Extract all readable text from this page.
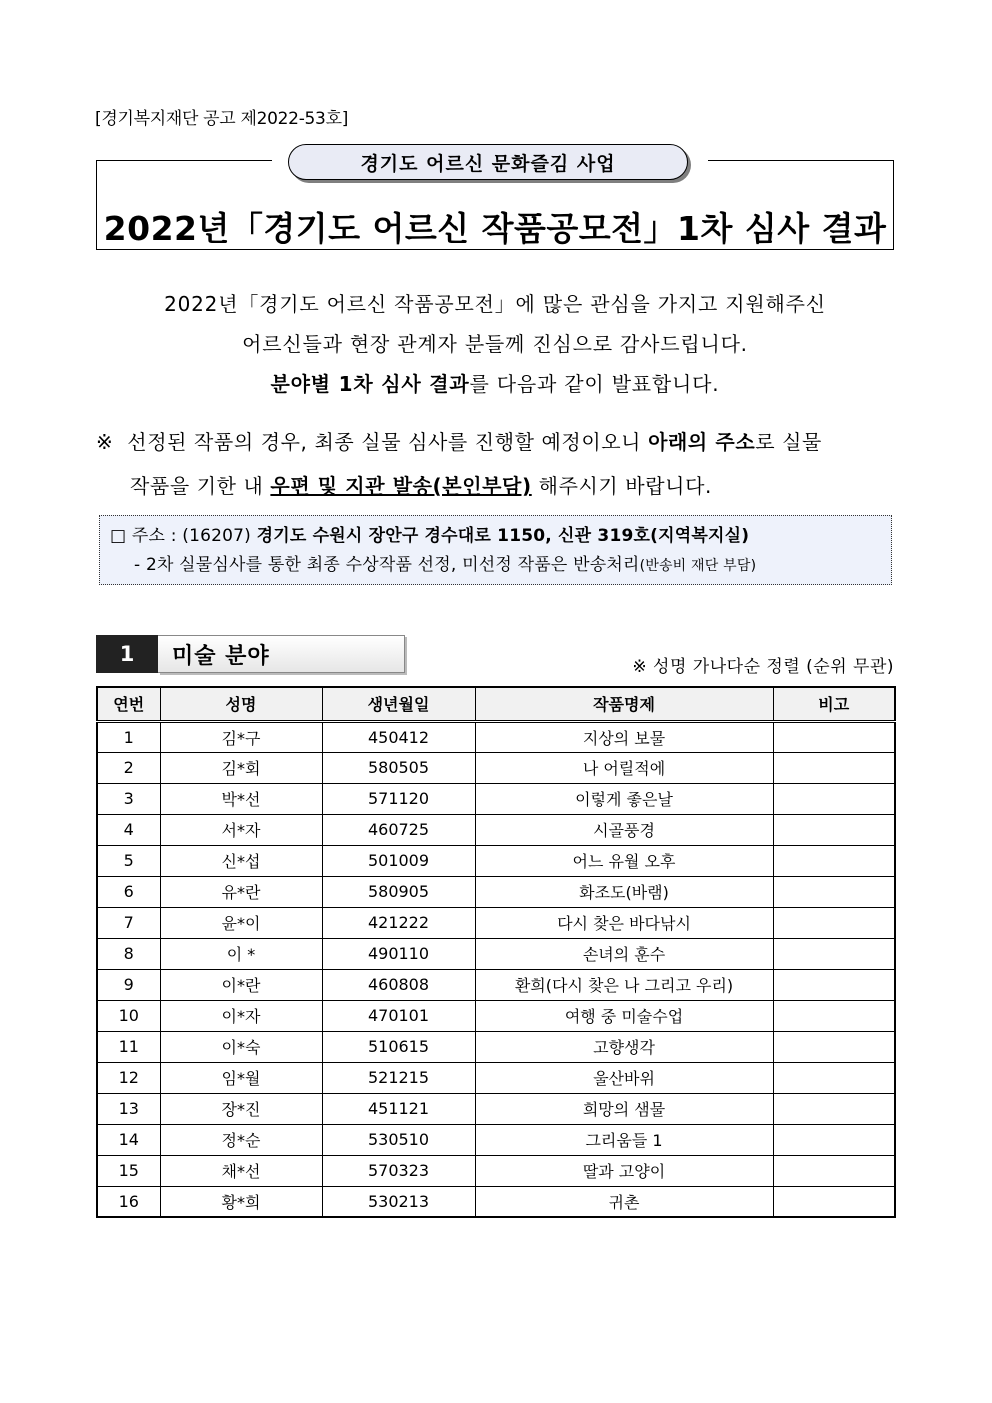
[경기복지재단 공고 제2022-53호]
2022년「경기도 어르신 작품공모전」1차 심사 결과
경기도 어르신 문화즐김 사업
2022년「경기도 어르신 작품공모전」에 많은 관심을 가지고 지원해주신
어르신들과 현장 관계자 분들께 진심으로 감사드립니다.
분야별 1차 심사 결과를 다음과 같이 발표합니다.
※ 선정된 작품의 경우, 최종 실물 심사를 진행할 예정이오니 아래의 주소로 실물
작품을 기한 내 우편 및 지관 발송(본인부담) 해주시기 바랍니다.
□ 주소 : (16207) 경기도 수원시 장안구 경수대로 1150, 신관 319호(지역복지실)
- 2차 실물심사를 통한 최종 수상작품 선정, 미선정 작품은 반송처리(반송비 재단 부담)
1	미술 분야	※ 성명 가나다순 정렬 (순위 무관)
연번	성명	생년월일	작품명제	비고
1	김*구	450412	지상의 보물	
2	김*회	580505	나 어릴적에	
3	박*선	571120	이렇게 좋은날	
4	서*자	460725	시골풍경	
5	신*섭	501009	어느 유월 오후	
6	유*란	580905	화조도(바램)	
7	윤*이	421222	다시 찾은 바다낚시	
8	이 *	490110	손녀의 훈수	
9	이*란	460808	환희(다시 찾은 나 그리고 우리)	
10	이*자	470101	여행 중 미술수업	
11	이*숙	510615	고향생각	
12	임*월	521215	울산바위	
13	장*진	451121	희망의 샘물	
14	정*순	530510	그리움들 1	
15	채*선	570323	딸과 고양이	
16	황*희	530213	귀촌	
